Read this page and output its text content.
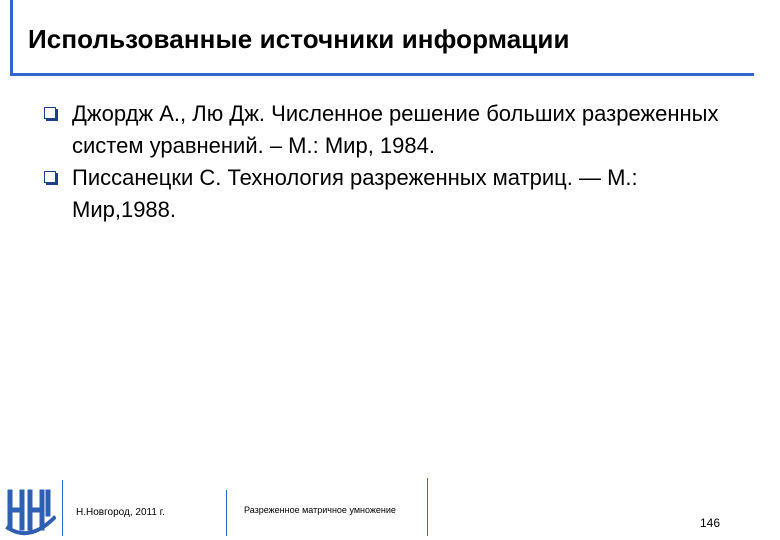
Использованные источники информации
Джордж А., Лю Дж. Численное решение больших разреженных систем уравнений. – М.: Мир, 1984.
Писсанецки С. Технология разреженных матриц. — М.: Мир,1988.
Н.Новгород, 2011 г.	Разреженное матричное умножение
146
